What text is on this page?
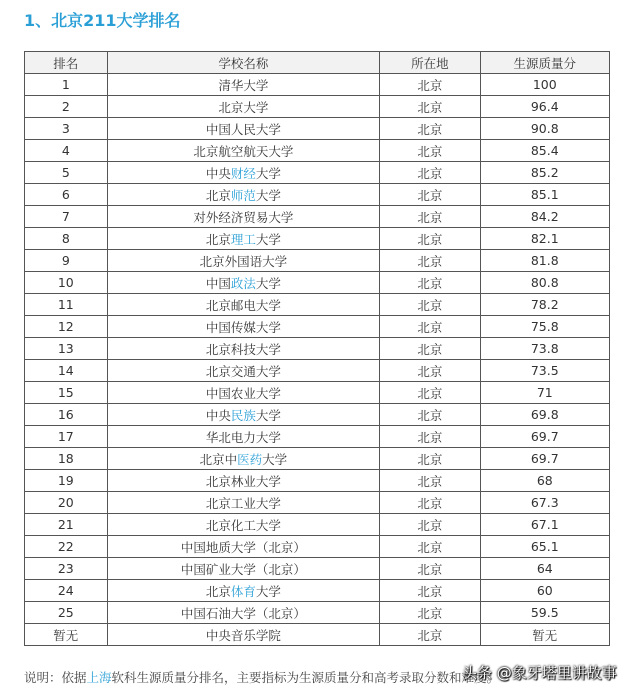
1、北京211大学排名
排名	学校名称	所在地	生源质量分
1	清华大学	北京	100
2	北京大学	北京	96.4
3	中国人民大学	北京	90.8
4	北京航空航天大学	北京	85.4
5	中央财经大学	北京	85.2
6	北京师范大学	北京	85.1
7	对外经济贸易大学	北京	84.2
8	北京理工大学	北京	82.1
9	北京外国语大学	北京	81.8
10	中国政法大学	北京	80.8
11	北京邮电大学	北京	78.2
12	中国传媒大学	北京	75.8
13	北京科技大学	北京	73.8
14	北京交通大学	北京	73.5
15	中国农业大学	北京	71
16	中央民族大学	北京	69.8
17	华北电力大学	北京	69.7
18	北京中医药大学	北京	69.7
19	北京林业大学	北京	68
20	北京工业大学	北京	67.3
21	北京化工大学	北京	67.1
22	中国地质大学（北京）	北京	65.1
23	中国矿业大学（北京）	北京	64
24	北京体育大学	北京	60
25	中国石油大学（北京）	北京	59.5
暂无	中央音乐学院	北京	暂无
说明：依据上海软科生源质量分排名，主要指标为生源质量分和高考录取分数和难度。
头条 @象牙塔里讲故事
